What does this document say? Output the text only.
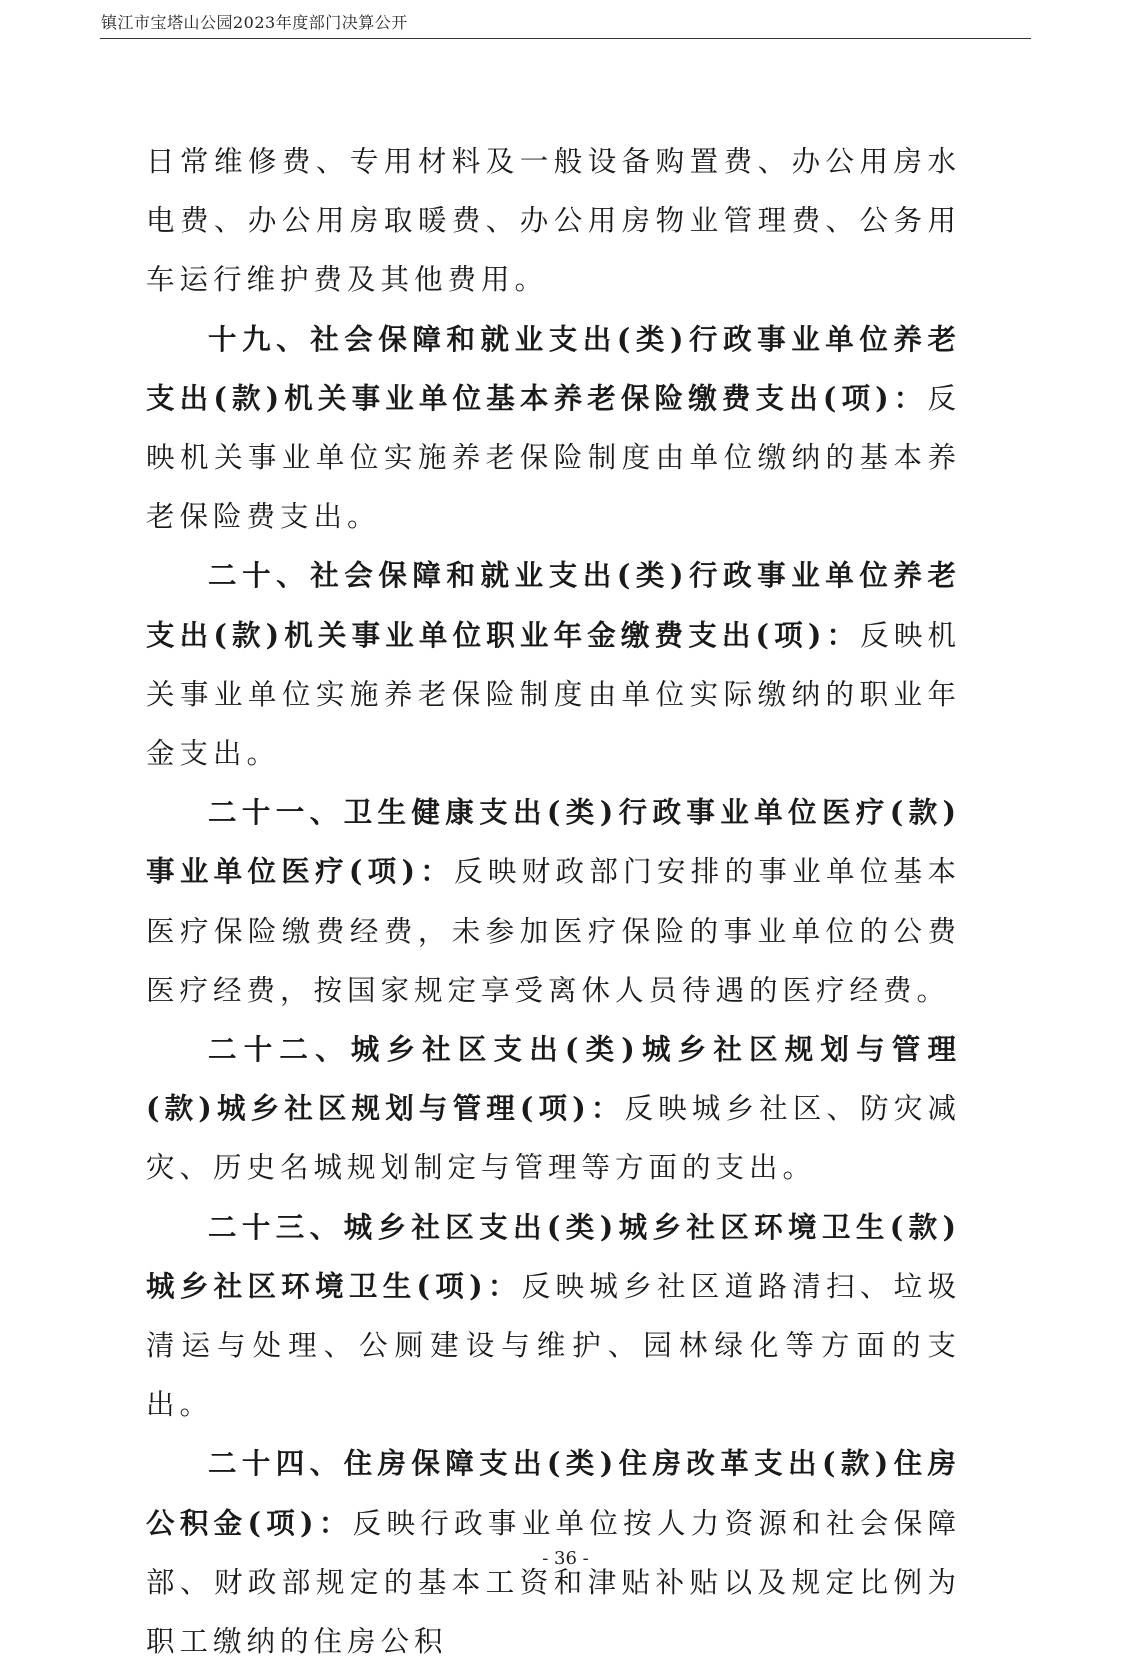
镇江市宝塔山公园2023年度部门决算公开

日常维修费、专用材料及一般设备购置费、办公用房水电费、办公用房取暖费、办公用房物业管理费、公务用车运行维护费及其他费用。

十九、社会保障和就业支出(类)行政事业单位养老支出(款)机关事业单位基本养老保险缴费支出(项)：反映机关事业单位实施养老保险制度由单位缴纳的基本养老保险费支出。

二十、社会保障和就业支出(类)行政事业单位养老支出(款)机关事业单位职业年金缴费支出(项)：反映机关事业单位实施养老保险制度由单位实际缴纳的职业年金支出。

二十一、卫生健康支出(类)行政事业单位医疗(款)事业单位医疗(项)：反映财政部门安排的事业单位基本医疗保险缴费经费，未参加医疗保险的事业单位的公费医疗经费，按国家规定享受离休人员待遇的医疗经费。

二十二、城乡社区支出(类)城乡社区规划与管理(款)城乡社区规划与管理(项)：反映城乡社区、防灾减灾、历史名城规划制定与管理等方面的支出。

二十三、城乡社区支出(类)城乡社区环境卫生(款)城乡社区环境卫生(项)：反映城乡社区道路清扫、垃圾清运与处理、公厕建设与维护、园林绿化等方面的支出。

二十四、住房保障支出(类)住房改革支出(款)住房公积金(项)：反映行政事业单位按人力资源和社会保障部、财政部规定的基本工资和津贴补贴以及规定比例为职工缴纳的住房公积

- 36 -
